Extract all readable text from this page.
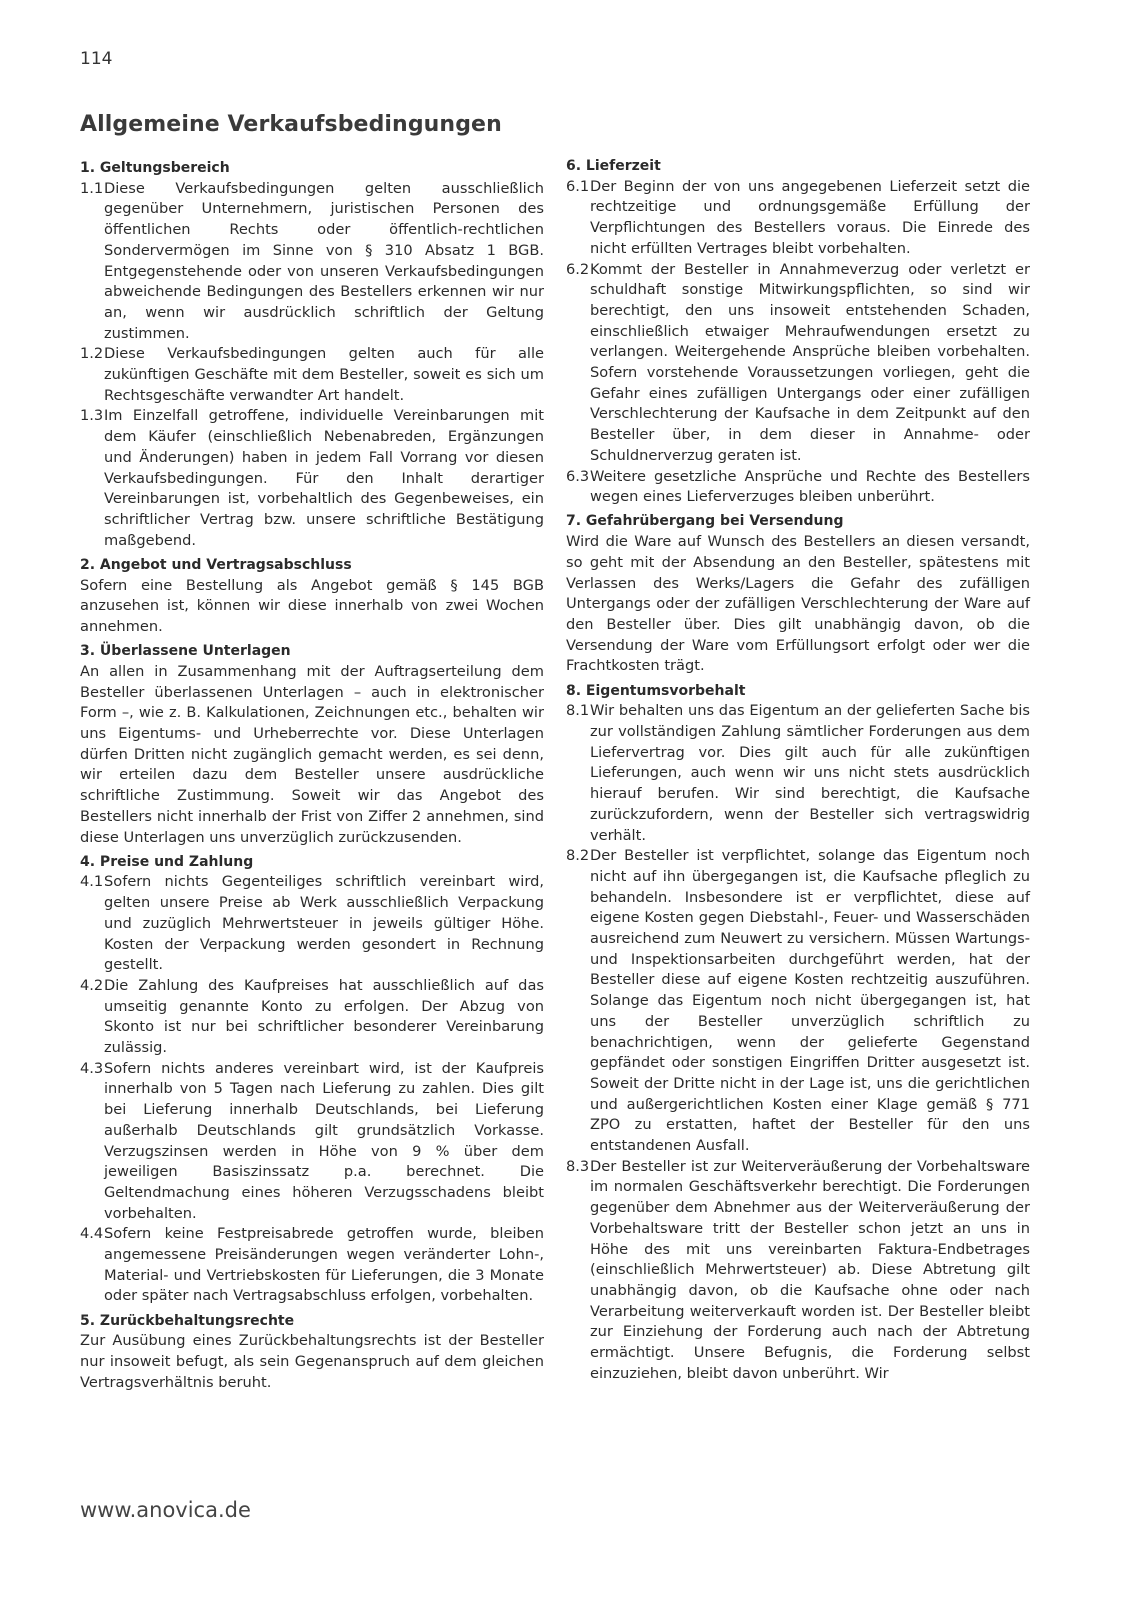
114
Allgemeine Verkaufsbedingungen
1. Geltungsbereich
1.1 Diese Verkaufsbedingungen gelten ausschließlich gegenüber Unternehmern, juristischen Personen des öffentlichen Rechts oder öffentlich-rechtlichen Sondervermögen im Sinne von § 310 Absatz 1 BGB. Entgegenstehende oder von unseren Verkaufsbedingungen abweichende Bedingungen des Bestellers erkennen wir nur an, wenn wir ausdrücklich schriftlich der Geltung zustimmen.
1.2 Diese Verkaufsbedingungen gelten auch für alle zukünftigen Geschäfte mit dem Besteller, soweit es sich um Rechtsgeschäfte verwandter Art handelt.
1.3 Im Einzelfall getroffene, individuelle Vereinbarungen mit dem Käufer (einschließlich Nebenabreden, Ergänzungen und Änderungen) haben in jedem Fall Vorrang vor diesen Verkaufsbedingungen. Für den Inhalt derartiger Vereinbarungen ist, vorbehaltlich des Gegenbeweises, ein schriftlicher Vertrag bzw. unsere schriftliche Bestätigung maßgebend.
2. Angebot und Vertragsabschluss

Sofern eine Bestellung als Angebot gemäß § 145 BGB anzusehen ist, können wir diese innerhalb von zwei Wochen annehmen.

3. Überlassene Unterlagen

An allen in Zusammenhang mit der Auftragserteilung dem Besteller überlassenen Unterlagen – auch in elektronischer Form –, wie z. B. Kalkulationen, Zeichnungen etc., behalten wir uns Eigentums- und Urheberrechte vor. Diese Unterlagen dürfen Dritten nicht zugänglich gemacht werden, es sei denn, wir erteilen dazu dem Besteller unsere ausdrückliche schriftliche Zustimmung. Soweit wir das Angebot des Bestellers nicht innerhalb der Frist von Ziffer 2 annehmen, sind diese Unterlagen uns unverzüglich zurückzusenden.

4. Preise und Zahlung
4.1 Sofern nichts Gegenteiliges schriftlich vereinbart wird, gelten unsere Preise ab Werk ausschließlich Verpackung und zuzüglich Mehrwertsteuer in jeweils gültiger Höhe. Kosten der Verpackung werden gesondert in Rechnung gestellt.
4.2 Die Zahlung des Kaufpreises hat ausschließlich auf das umseitig genannte Konto zu erfolgen. Der Abzug von Skonto ist nur bei schriftlicher besonderer Vereinbarung zulässig.
4.3 Sofern nichts anderes vereinbart wird, ist der Kaufpreis innerhalb von 5 Tagen nach Lieferung zu zahlen. Dies gilt bei Lieferung innerhalb Deutschlands, bei Lieferung außerhalb Deutschlands gilt grundsätzlich Vorkasse. Verzugszinsen werden in Höhe von 9 % über dem jeweiligen Basiszinssatz p.a. berechnet. Die Geltendmachung eines höheren Verzugsschadens bleibt vorbehalten.
4.4 Sofern keine Festpreisabrede getroffen wurde, bleiben angemessene Preisänderungen wegen veränderter Lohn-, Material- und Vertriebskosten für Lieferungen, die 3 Monate oder später nach Vertragsabschluss erfolgen, vorbehalten.
5. Zurückbehaltungsrechte

Zur Ausübung eines Zurückbehaltungsrechts ist der Besteller nur insoweit befugt, als sein Gegenanspruch auf dem gleichen Vertragsverhältnis beruht.

6. Lieferzeit
6.1 Der Beginn der von uns angegebenen Lieferzeit setzt die rechtzeitige und ordnungsgemäße Erfüllung der Verpflichtungen des Bestellers voraus. Die Einrede des nicht erfüllten Vertrages bleibt vorbehalten.
6.2 Kommt der Besteller in Annahmeverzug oder verletzt er schuldhaft sonstige Mitwirkungspflichten, so sind wir berechtigt, den uns insoweit entstehenden Schaden, einschließlich etwaiger Mehraufwendungen ersetzt zu verlangen. Weitergehende Ansprüche bleiben vorbehalten. Sofern vorstehende Voraussetzungen vorliegen, geht die Gefahr eines zufälligen Untergangs oder einer zufälligen Verschlechterung der Kaufsache in dem Zeitpunkt auf den Besteller über, in dem dieser in Annahme- oder Schuldnerverzug geraten ist.
6.3 Weitere gesetzliche Ansprüche und Rechte des Bestellers wegen eines Lieferverzuges bleiben unberührt.
7. Gefahrübergang bei Versendung

Wird die Ware auf Wunsch des Bestellers an diesen versandt, so geht mit der Absendung an den Besteller, spätestens mit Verlassen des Werks/Lagers die Gefahr des zufälligen Untergangs oder der zufälligen Verschlechterung der Ware auf den Besteller über. Dies gilt unabhängig davon, ob die Versendung der Ware vom Erfüllungsort erfolgt oder wer die Frachtkosten trägt.

8. Eigentumsvorbehalt
8.1 Wir behalten uns das Eigentum an der gelieferten Sache bis zur vollständigen Zahlung sämtlicher Forderungen aus dem Liefervertrag vor. Dies gilt auch für alle zukünftigen Lieferungen, auch wenn wir uns nicht stets ausdrücklich hierauf berufen. Wir sind berechtigt, die Kaufsache zurückzufordern, wenn der Besteller sich vertragswidrig verhält.
8.2 Der Besteller ist verpflichtet, solange das Eigentum noch nicht auf ihn übergegangen ist, die Kaufsache pfleglich zu behandeln. Insbesondere ist er verpflichtet, diese auf eigene Kosten gegen Diebstahl-, Feuer- und Wasserschäden ausreichend zum Neuwert zu versichern. Müssen Wartungs- und Inspektionsarbeiten durchgeführt werden, hat der Besteller diese auf eigene Kosten rechtzeitig auszuführen. Solange das Eigentum noch nicht übergegangen ist, hat uns der Besteller unverzüglich schriftlich zu benachrichtigen, wenn der gelieferte Gegenstand gepfändet oder sonstigen Eingriffen Dritter ausgesetzt ist. Soweit der Dritte nicht in der Lage ist, uns die gerichtlichen und außergerichtlichen Kosten einer Klage gemäß § 771 ZPO zu erstatten, haftet der Besteller für den uns entstandenen Ausfall.
8.3 Der Besteller ist zur Weiterveräußerung der Vorbehaltsware im normalen Geschäftsverkehr berechtigt. Die Forderungen gegenüber dem Abnehmer aus der Weiterveräußerung der Vorbehaltsware tritt der Besteller schon jetzt an uns in Höhe des mit uns vereinbarten Faktura-Endbetrages (einschließlich Mehrwertsteuer) ab. Diese Abtretung gilt unabhängig davon, ob die Kaufsache ohne oder nach Verarbeitung weiterverkauft worden ist. Der Besteller bleibt zur Einziehung der Forderung auch nach der Abtretung ermächtigt. Unsere Befugnis, die Forderung selbst einzuziehen, bleibt davon unberührt. Wir
www.anovica.de
